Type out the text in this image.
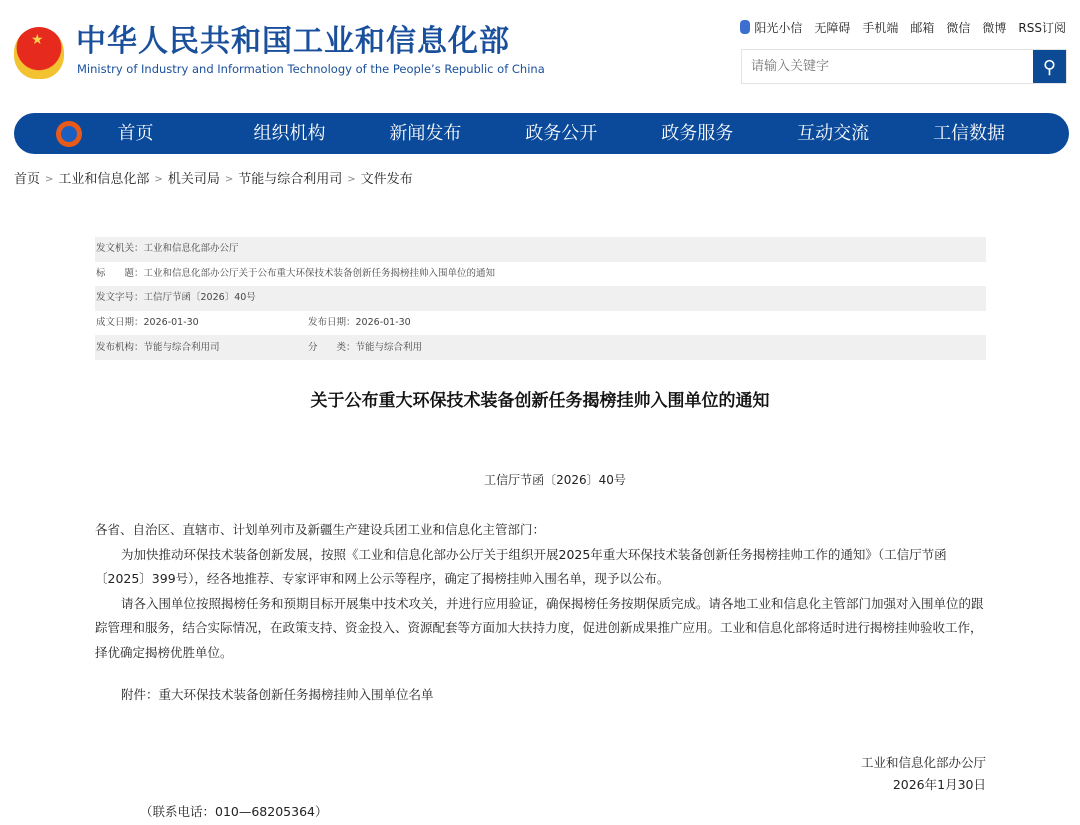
★ 中华人民共和国工业和信息化部
Ministry of Industry and Information Technology of the People’s Republic of China
阳光小信 无障碍 手机端 邮箱 微信 微博 RSS订阅
请输入关键字
⚲
首页	组织机构	新闻发布	政务公开	政务服务	互动交流	工信数据
首页 > 工业和信息化部 > 机关司局 > 节能与综合利用司 > 文件发布
发文机关： 工业和信息化部办公厅
标　　题： 工业和信息化部办公厅关于公布重大环保技术装备创新任务揭榜挂帅入围单位的通知
发文字号： 工信厅节函〔2026〕40号
成文日期：2026-01-30	发布日期：2026-01-30
发布机构：节能与综合利用司	分　　类：节能与综合利用
关于公布重大环保技术装备创新任务揭榜挂帅入围单位的通知
工信厅节函〔2026〕40号

各省、自治区、直辖市、计划单列市及新疆生产建设兵团工业和信息化主管部门：

为加快推动环保技术装备创新发展，按照《工业和信息化部办公厅关于组织开展2025年重大环保技术装备创新任务揭榜挂帅工作的通知》（工信厅节函〔2025〕399号），经各地推荐、专家评审和网上公示等程序，确定了揭榜挂帅入围名单，现予以公布。

请各入围单位按照揭榜任务和预期目标开展集中技术攻关，并进行应用验证，确保揭榜任务按期保质完成。请各地工业和信息化主管部门加强对入围单位的跟踪管理和服务，结合实际情况，在政策支持、资金投入、资源配套等方面加大扶持力度，促进创新成果推广应用。工业和信息化部将适时进行揭榜挂帅验收工作，择优确定揭榜优胜单位。

附件：重大环保技术装备创新任务揭榜挂帅入围单位名单
工业和信息化部办公厅
2026年1月30日
（联系电话：010—68205364）
